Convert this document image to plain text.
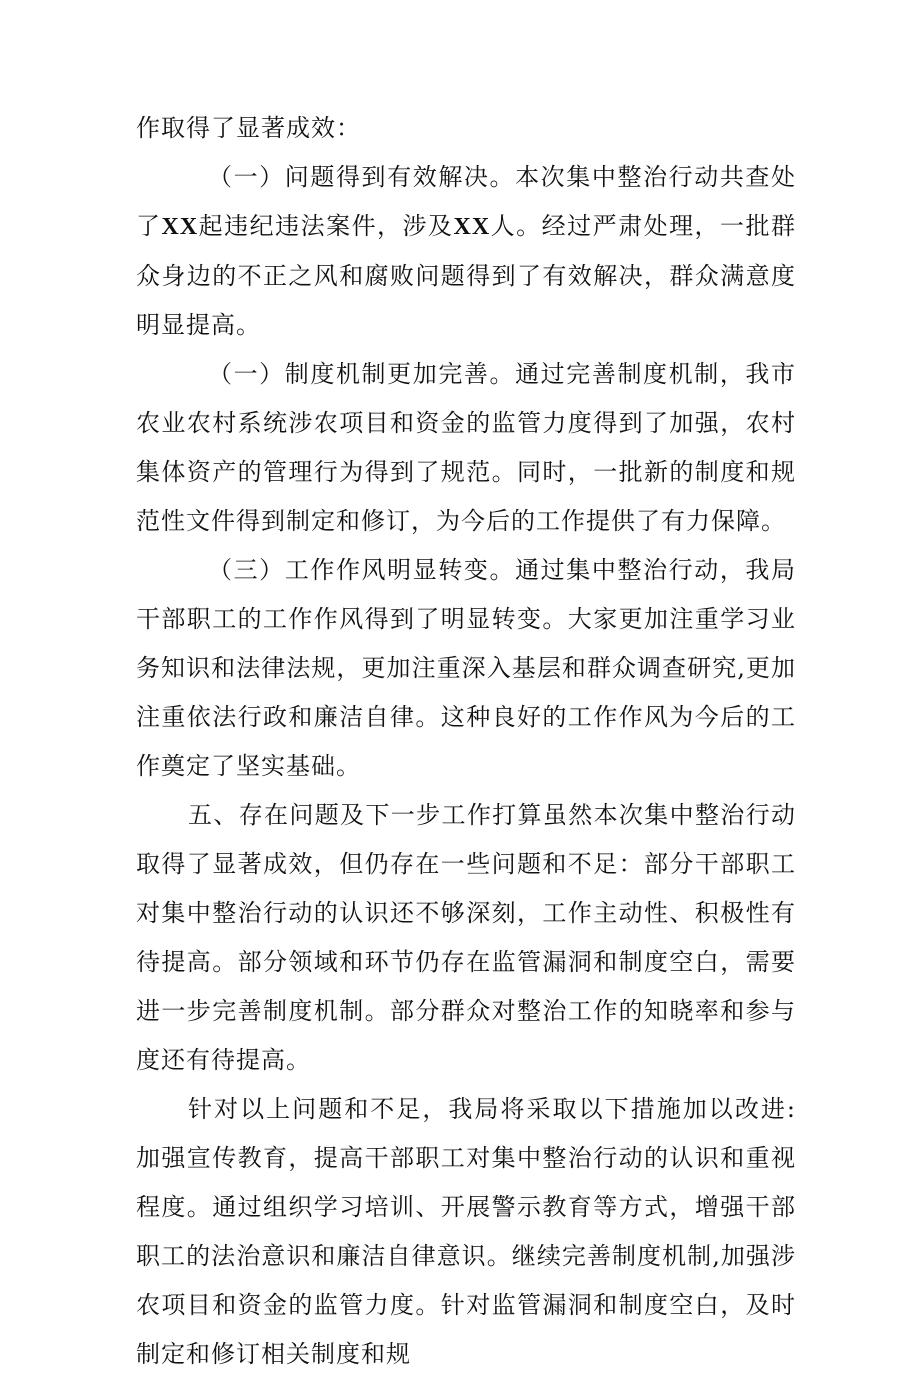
作取得了显著成效：

（一）问题得到有效解决。本次集中整治行动共查处了XX起违纪违法案件，涉及XX人。经过严肃处理，一批群众身边的不正之风和腐败问题得到了有效解决，群众满意度明显提高。

（一）制度机制更加完善。通过完善制度机制，我市农业农村系统涉农项目和资金的监管力度得到了加强，农村集体资产的管理行为得到了规范。同时，一批新的制度和规范性文件得到制定和修订，为今后的工作提供了有力保障。

（三）工作作风明显转变。通过集中整治行动，我局干部职工的工作作风得到了明显转变。大家更加注重学习业务知识和法律法规，更加注重深入基层和群众调查研究,更加注重依法行政和廉洁自律。这种良好的工作作风为今后的工作奠定了坚实基础。

五、存在问题及下一步工作打算虽然本次集中整治行动取得了显著成效，但仍存在一些问题和不足：部分干部职工对集中整治行动的认识还不够深刻，工作主动性、积极性有待提高。部分领域和环节仍存在监管漏洞和制度空白，需要进一步完善制度机制。部分群众对整治工作的知晓率和参与度还有待提高。

针对以上问题和不足，我局将采取以下措施加以改进:加强宣传教育，提高干部职工对集中整治行动的认识和重视程度。通过组织学习培训、开展警示教育等方式，增强干部职工的法治意识和廉洁自律意识。继续完善制度机制,加强涉农项目和资金的监管力度。针对监管漏洞和制度空白，及时制定和修订相关制度和规
